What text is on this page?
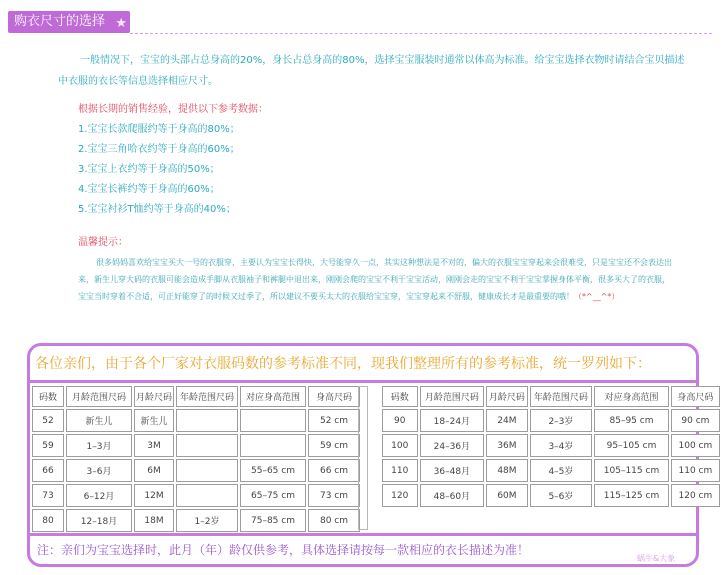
购衣尺寸的选择 ★

一般情况下，宝宝的头部占总身高的20%，身长占总身高的80%，选择宝宝服装时通常以体高为标准。给宝宝选择衣物时请结合宝贝描述中衣服的衣长等信息选择相应尺寸。

根据长期的销售经验，提供以下参考数据：
1.宝宝长款爬服约等于身高的80%；
2.宝宝三角哈衣约等于身高的60%；
3.宝宝上衣约等于身高的50%；
4.宝宝长裤约等于身高的60%；
5.宝宝衬衫T恤约等于身高的40%；
温馨提示：

很多妈妈喜欢给宝宝买大一号的衣服穿，主要认为宝宝长得快，大号能穿久一点，其实这种想法是不对的，偏大的衣服宝宝穿起来会很难受，只是宝宝还不会表达出来，新生儿穿大码的衣服可能会造成手脚从衣服袖子和裤腿中退出来，刚刚会爬的宝宝不利于宝宝活动，刚刚会走的宝宝不利于宝宝掌握身体平衡，很多买大了的衣服，宝宝当时穿着不合适，可正好能穿了的时候又过季了，所以建议不要买太大的衣服给宝宝穿，宝宝穿起来不舒服，健康成长才是最重要的哦！（*^__^*）

各位亲们，由于各个厂家对衣服码数的参考标准不同，现我们整理所有的参考标准，统一罗列如下：
码数	月龄范围尺码	月龄尺码	年龄范围尺码	对应身高范围	身高尺码
52	新生儿	新生儿			52 cm
59	1–3月	3M			59 cm
66	3–6月	6M		55–65 cm	66 cm
73	6–12月	12M		65–75 cm	73 cm
80	12–18月	18M	1–2岁	75–85 cm	80 cm
码数	月龄范围尺码	月龄尺码	年龄范围尺码	对应身高范围	身高尺码
90	18–24月	24M	2–3岁	85–95 cm	90 cm
100	24–36月	36M	3–4岁	95–105 cm	100 cm
110	36–48月	48M	4–5岁	105–115 cm	110 cm
120	48–60月	60M	5–6岁	115–125 cm	120 cm
注：亲们为宝宝选择时，此月（年）龄仅供参考，具体选择请按每一款相应的衣长描述为准！
蜗牛&大象
